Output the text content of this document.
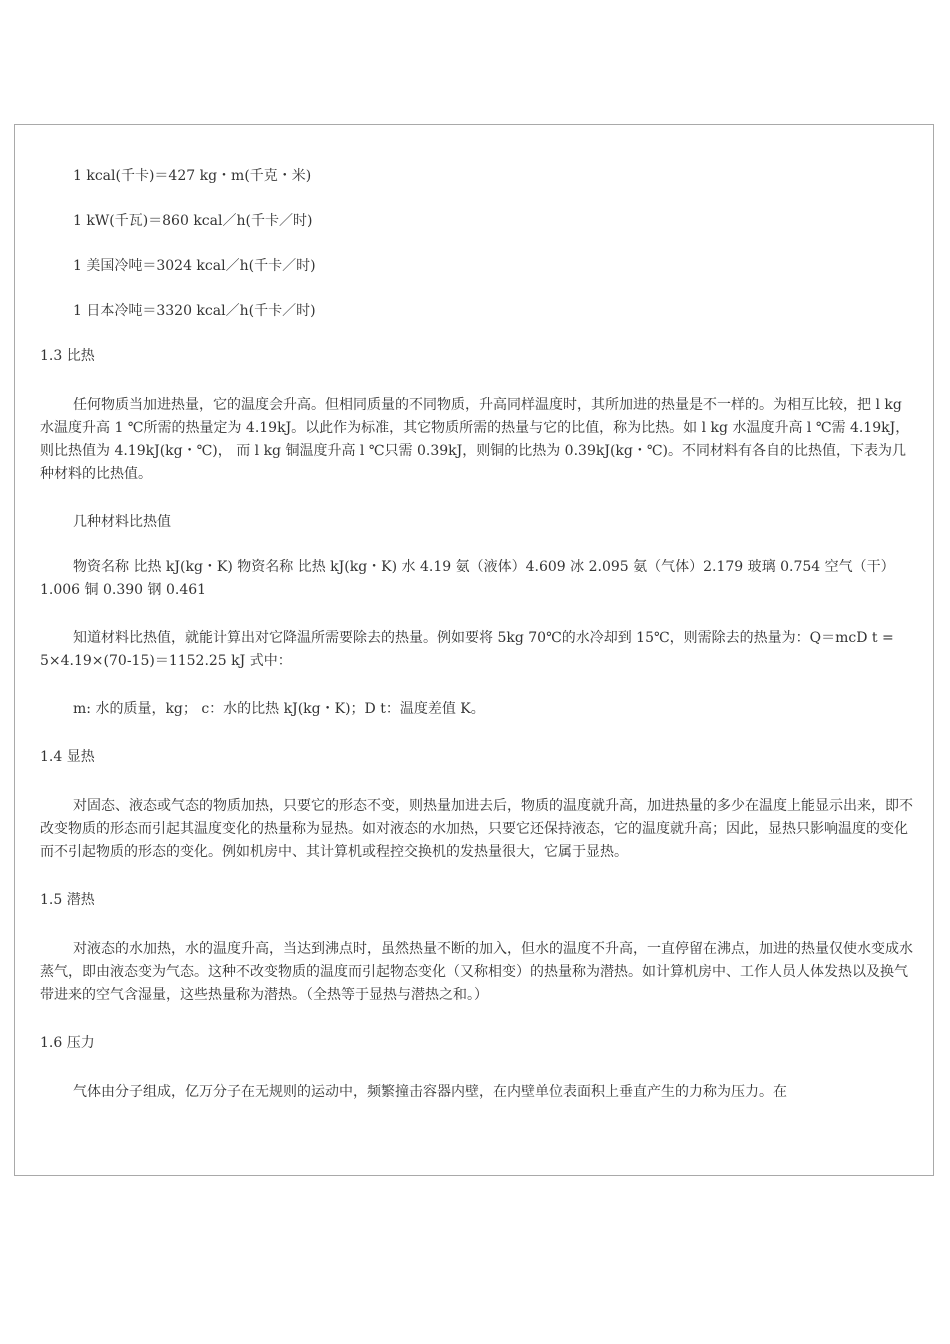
1 kcal(千卡)＝427 kg・m(千克・米)

1 kW(千瓦)＝860 kcal／h(千卡／时)

1 美国冷吨＝3024 kcal／h(千卡／时)

1 日本冷吨＝3320 kcal／h(千卡／时)

1.3 比热

任何物质当加进热量，它的温度会升高。但相同质量的不同物质，升高同样温度时，其所加进的热量是不一样的。为相互比较，把 l kg 水温度升高 1 ℃所需的热量定为 4.19kJ。以此作为标准，其它物质所需的热量与它的比值，称为比热。如 l kg 水温度升高 l ℃需 4.19kJ，则比热值为 4.19kJ(kg・℃)， 而 l kg 铜温度升高 l ℃只需 0.39kJ，则铜的比热为 0.39kJ(kg・℃)。不同材料有各自的比热值，下表为几种材料的比热值。

几种材料比热值

物资名称 比热 kJ(kg・K) 物资名称 比热 kJ(kg・K) 水 4.19 氨（液体）4.609 冰 2.095 氨（气体）2.179 玻璃 0.754 空气（干）1.006 铜 0.390 钢 0.461

知道材料比热值，就能计算出对它降温所需要除去的热量。例如要将 5kg 70℃的水冷却到 15℃，则需除去的热量为：Q＝mcD t = 5×4.19×(70-15)＝1152.25 kJ 式中：

m: 水的质量，kg； c：水的比热 kJ(kg・K)；D t：温度差值 K。

1.4 显热

对固态、液态或气态的物质加热，只要它的形态不变，则热量加进去后，物质的温度就升高，加进热量的多少在温度上能显示出来，即不改变物质的形态而引起其温度变化的热量称为显热。如对液态的水加热，只要它还保持液态，它的温度就升高；因此，显热只影响温度的变化而不引起物质的形态的变化。例如机房中、其计算机或程控交换机的发热量很大，它属于显热。

1.5 潜热

对液态的水加热，水的温度升高，当达到沸点时，虽然热量不断的加入，但水的温度不升高，一直停留在沸点，加进的热量仅使水变成水蒸气，即由液态变为气态。这种不改变物质的温度而引起物态变化（又称相变）的热量称为潜热。如计算机房中、工作人员人体发热以及换气带进来的空气含湿量，这些热量称为潜热。（全热等于显热与潜热之和。）

1.6 压力

气体由分子组成，亿万分子在无规则的运动中，频繁撞击容器内壁，在内壁单位表面积上垂直产生的力称为压力。在
